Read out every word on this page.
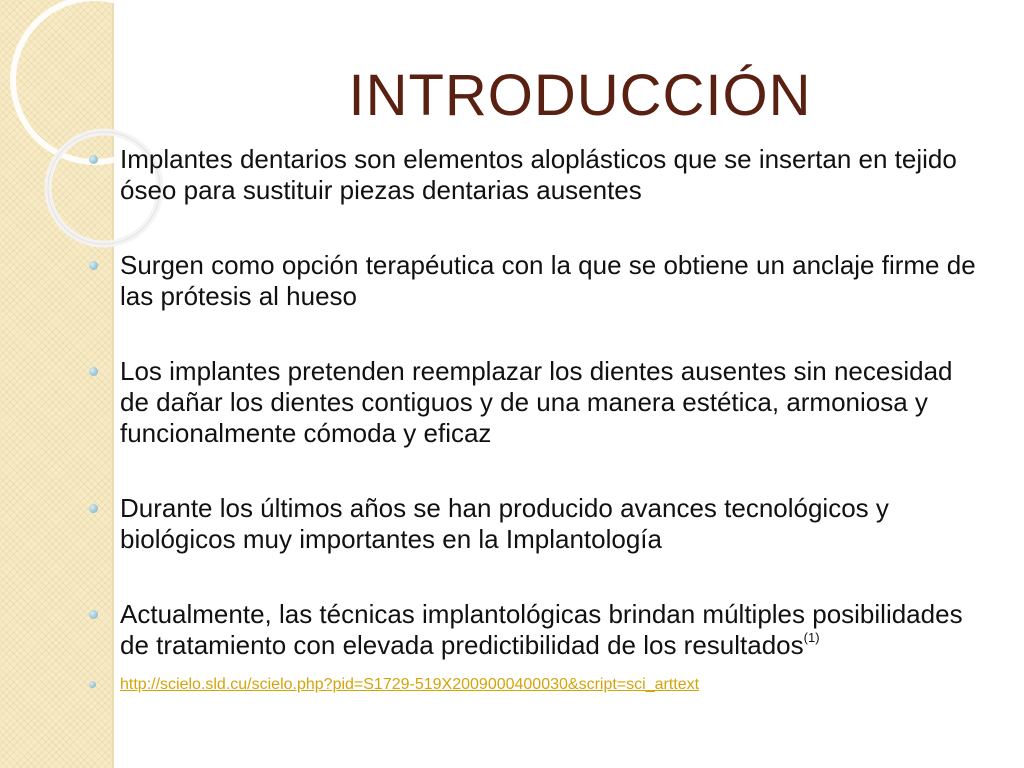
INTRODUCCIÓN
Implantes dentarios son elementos aloplásticos que se insertan en tejido óseo para sustituir piezas dentarias ausentes
Surgen como opción terapéutica con la que se obtiene un anclaje firme de las prótesis al hueso
Los implantes pretenden reemplazar los dientes ausentes sin necesidad de dañar los dientes contiguos y de una manera estética, armoniosa y funcionalmente cómoda y eficaz
Durante los últimos años se han producido avances tecnológicos y biológicos muy importantes en la Implantología
Actualmente, las técnicas implantológicas brindan múltiples posibilidades de tratamiento con elevada predictibilidad de los resultados$^{(1)}$
http://scielo.sld.cu/scielo.php?pid=S1729-519X2009000400030&script=sci_arttext
